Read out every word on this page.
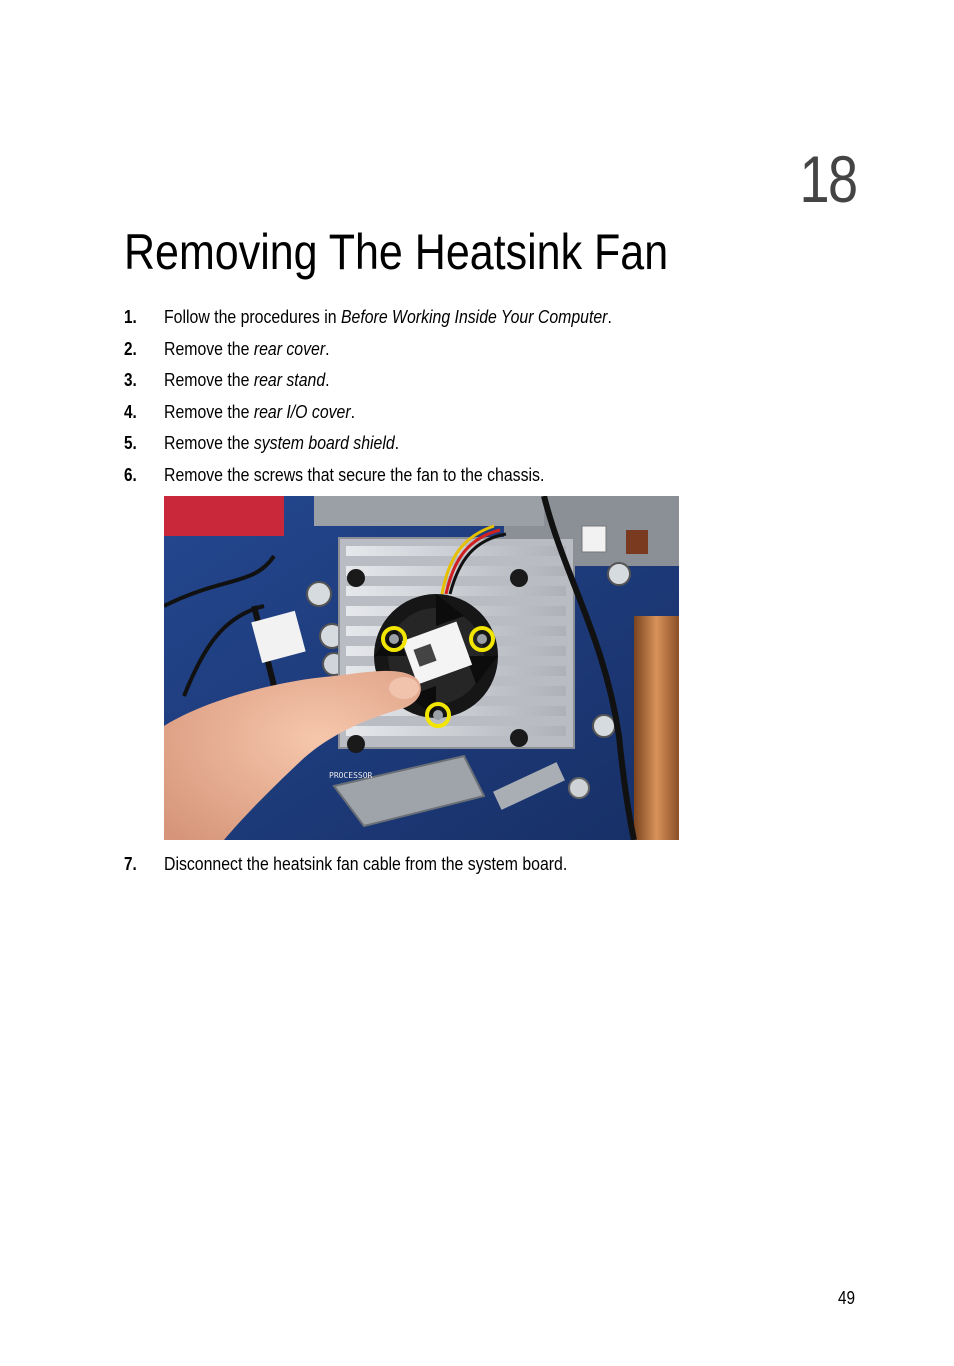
18
Removing The Heatsink Fan
1. Follow the procedures in Before Working Inside Your Computer.
2. Remove the rear cover.
3. Remove the rear stand.
4. Remove the rear I/O cover.
5. Remove the system board shield.
6. Remove the screws that secure the fan to the chassis.
PROCESSOR
7. Disconnect the heatsink fan cable from the system board.
49
